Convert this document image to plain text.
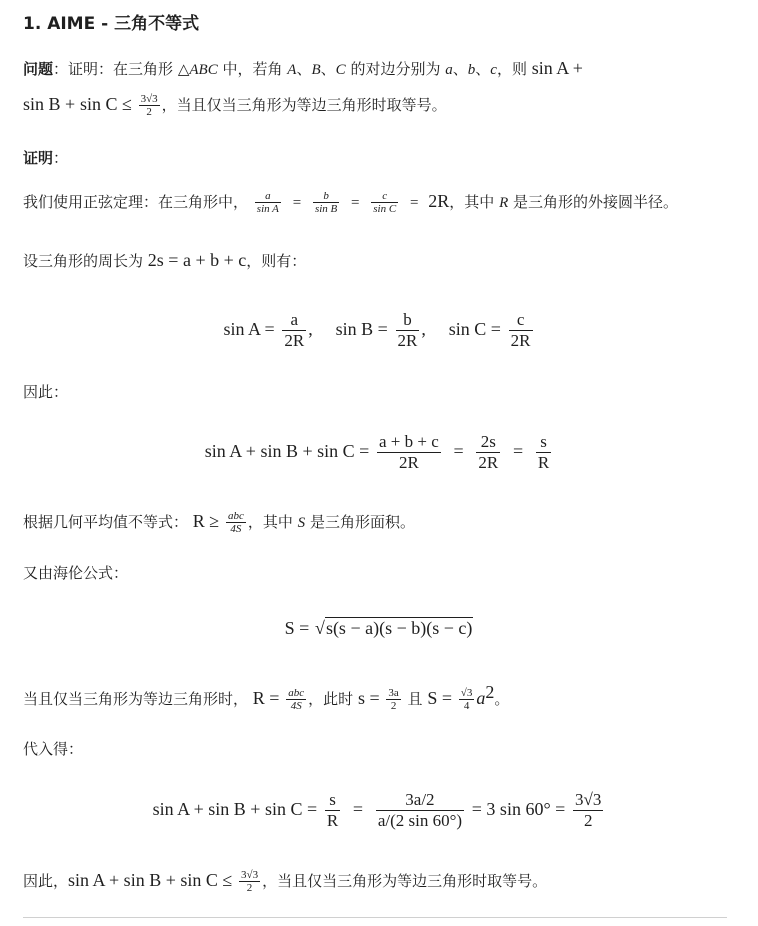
1. AIME - 三角不等式
问题：证明：在三角形 △ABC 中，若角 A、B、C 的对边分别为 a、b、c，则 sin A +
$\sin B + \sin C \le \frac{3√3}{2}$ ，当且仅当三角形为等边三角形时取等号。
证明：
我们使用正弦定理：在三角形中， $\frac{a}{\text{sin A}} = \frac{b}{\text{sin B}} = \frac{c}{\text{sin C}} = 2R$，其中 R 是三角形的外接圆半径。
设三角形的周长为 2s = a + b + c，则有：
$\sin A = \frac{a}{2R}$ , $\sin B = \frac{b}{2R}$ , $\sin C = \frac{c}{2R}$
因此：
$\sin A + \sin B + \sin C = \frac{a + b + c}{2R} = \frac{2s}{2R} = \frac{s}{R}$
根据几何平均值不等式： $R \ge \frac{\text{abc}}{4S}$ ，其中 S 是三角形面积。
又由海伦公式：
S = √s(s − a)(s − b)(s − c)
当且仅当三角形为等边三角形时， $R = \frac{\text{abc}}{4S}$ ，此时 $s = \frac{3a}{2}$ 且 $S = \frac{√3}{4} a^2$。
代入得：
$\sin A + \sin B + \sin C = \frac{s}{R} = \frac{3a/2}{a/(2 \sin 60^\circ)} = 3$ $\sin 60^\circ = \frac{3√3}{2}$
因此，$\sin A + \sin B + \sin C \le \frac{3√3}{2}$ ，当且仅当三角形为等边三角形时取等号。
